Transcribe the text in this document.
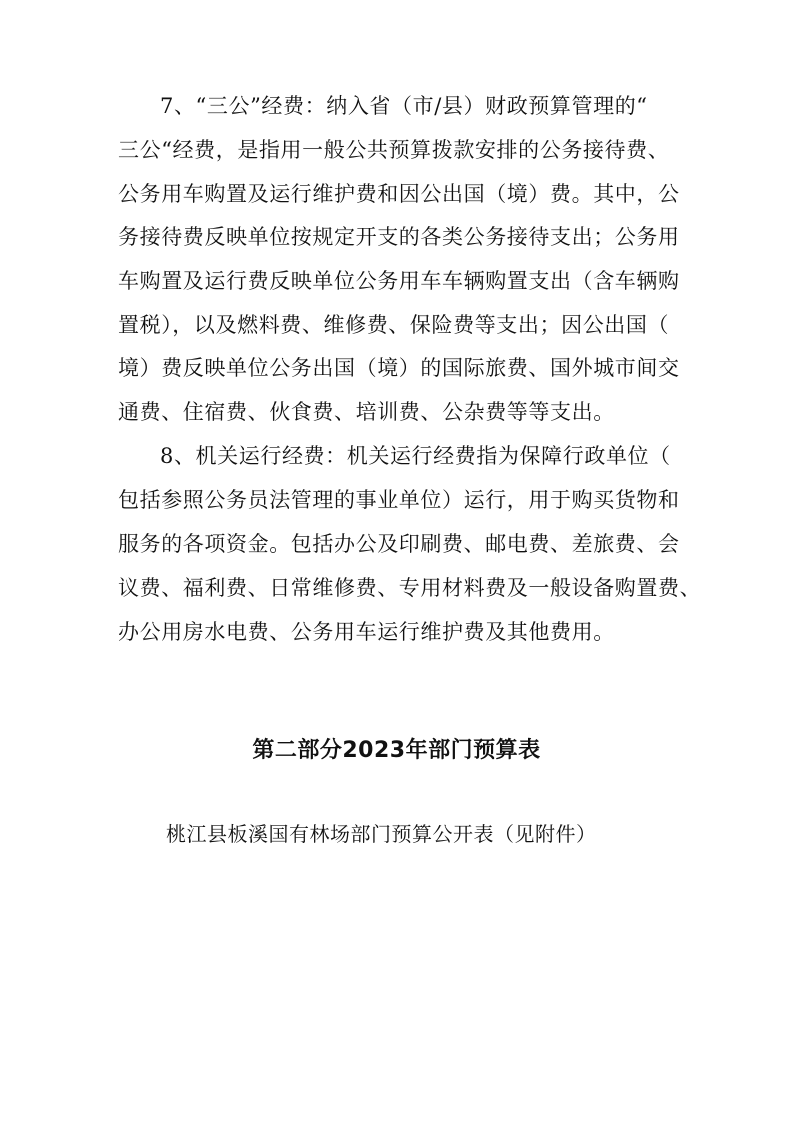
7、“三公”经费：纳入省（市/县）财政预算管理的“
三公“经费，是指用一般公共预算拨款安排的公务接待费、
公务用车购置及运行维护费和因公出国（境）费。其中，公
务接待费反映单位按规定开支的各类公务接待支出；公务用
车购置及运行费反映单位公务用车车辆购置支出（含车辆购
置税），以及燃料费、维修费、保险费等支出；因公出国（
境）费反映单位公务出国（境）的国际旅费、国外城市间交
通费、住宿费、伙食费、培训费、公杂费等等支出。
8、机关运行经费：机关运行经费指为保障行政单位（
包括参照公务员法管理的事业单位）运行，用于购买货物和
服务的各项资金。包括办公及印刷费、邮电费、差旅费、会
议费、福利费、日常维修费、专用材料费及一般设备购置费、
办公用房水电费、公务用车运行维护费及其他费用。
第二部分2023年部门预算表
桃江县板溪国有林场部门预算公开表（见附件）
